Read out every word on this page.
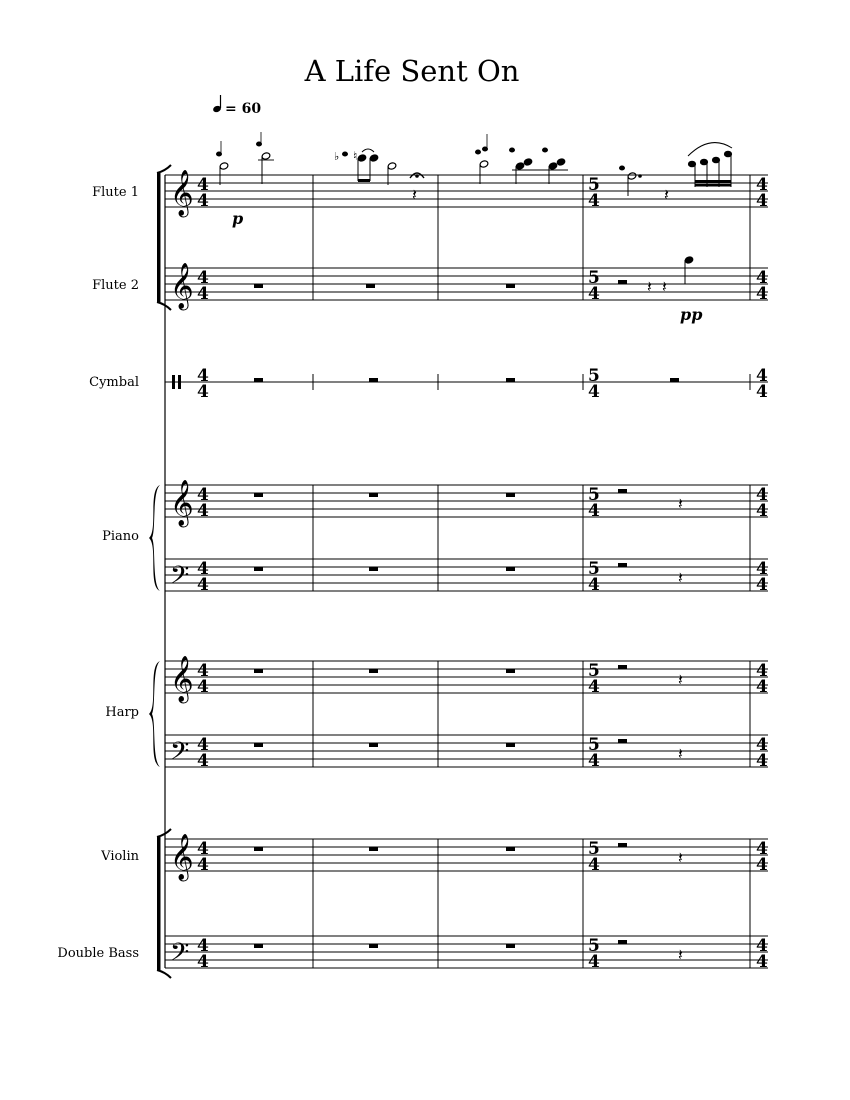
A Life Sent On
= 60
Flute 1
Flute 2
Cymbal
Piano
Harp
Violin
Double Bass
𝄞
𝄞
𝄞
𝄞
𝄞
𝄢
𝄢
𝄢
4
4
4
4
4
4
4
4
4
4
4
4
4
4
4
4
4
4
5
4
5
4
5
4
5
4
5
4
5
4
5
4
5
4
5
4
4
4
4
4
4
4
4
4
4
4
4
4
4
4
4
4
4
4
𝄽 𝄽
𝄽
𝄽
𝄽
𝄽
𝄽
𝄽
♭ ♮
𝄽	𝄽
p
pp
